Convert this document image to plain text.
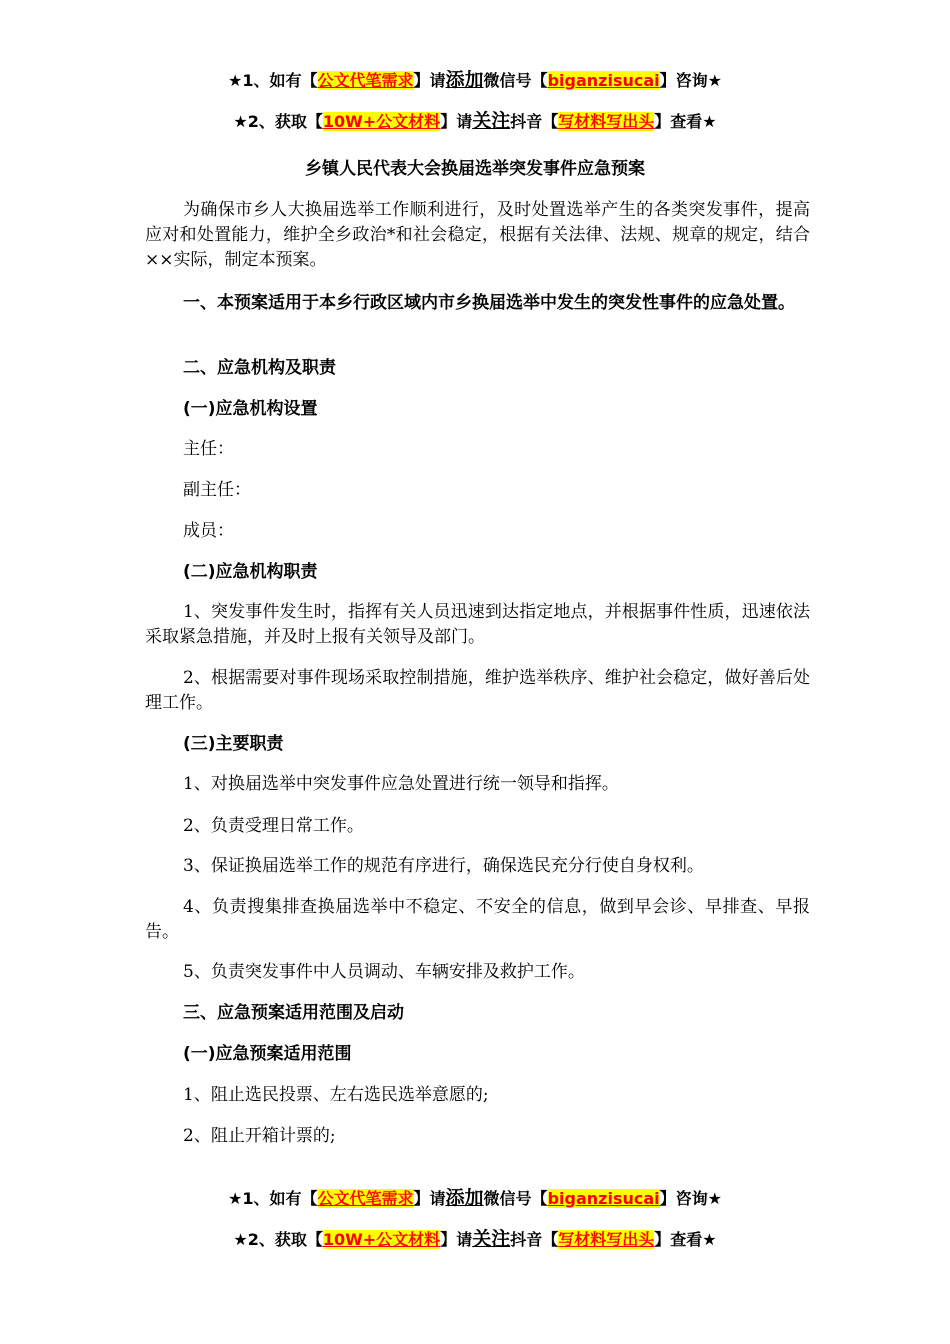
★1、如有【公文代笔需求】请添加微信号【biganzisucai】咨询★
★2、获取【10W+公文材料】请关注抖音【写材料写出头】查看★
乡镇人民代表大会换届选举突发事件应急预案

为确保市乡人大换届选举工作顺利进行，及时处置选举产生的各类突发事件，提高应对和处置能力，维护全乡政治*和社会稳定，根据有关法律、法规、规章的规定，结合××实际，制定本预案。

一、本预案适用于本乡行政区域内市乡换届选举中发生的突发性事件的应急处置。

二、应急机构及职责

(一)应急机构设置

主任：

副主任：

成员：

(二)应急机构职责

1、突发事件发生时，指挥有关人员迅速到达指定地点，并根据事件性质，迅速依法采取紧急措施，并及时上报有关领导及部门。

2、根据需要对事件现场采取控制措施，维护选举秩序、维护社会稳定，做好善后处理工作。

(三)主要职责

1、对换届选举中突发事件应急处置进行统一领导和指挥。

2、负责受理日常工作。

3、保证换届选举工作的规范有序进行，确保选民充分行使自身权利。

4、负责搜集排查换届选举中不稳定、不安全的信息，做到早会诊、早排查、早报告。

5、负责突发事件中人员调动、车辆安排及救护工作。

三、应急预案适用范围及启动

(一)应急预案适用范围

1、阻止选民投票、左右选民选举意愿的;

2、阻止开箱计票的;

★1、如有【公文代笔需求】请添加微信号【biganzisucai】咨询★
★2、获取【10W+公文材料】请关注抖音【写材料写出头】查看★
